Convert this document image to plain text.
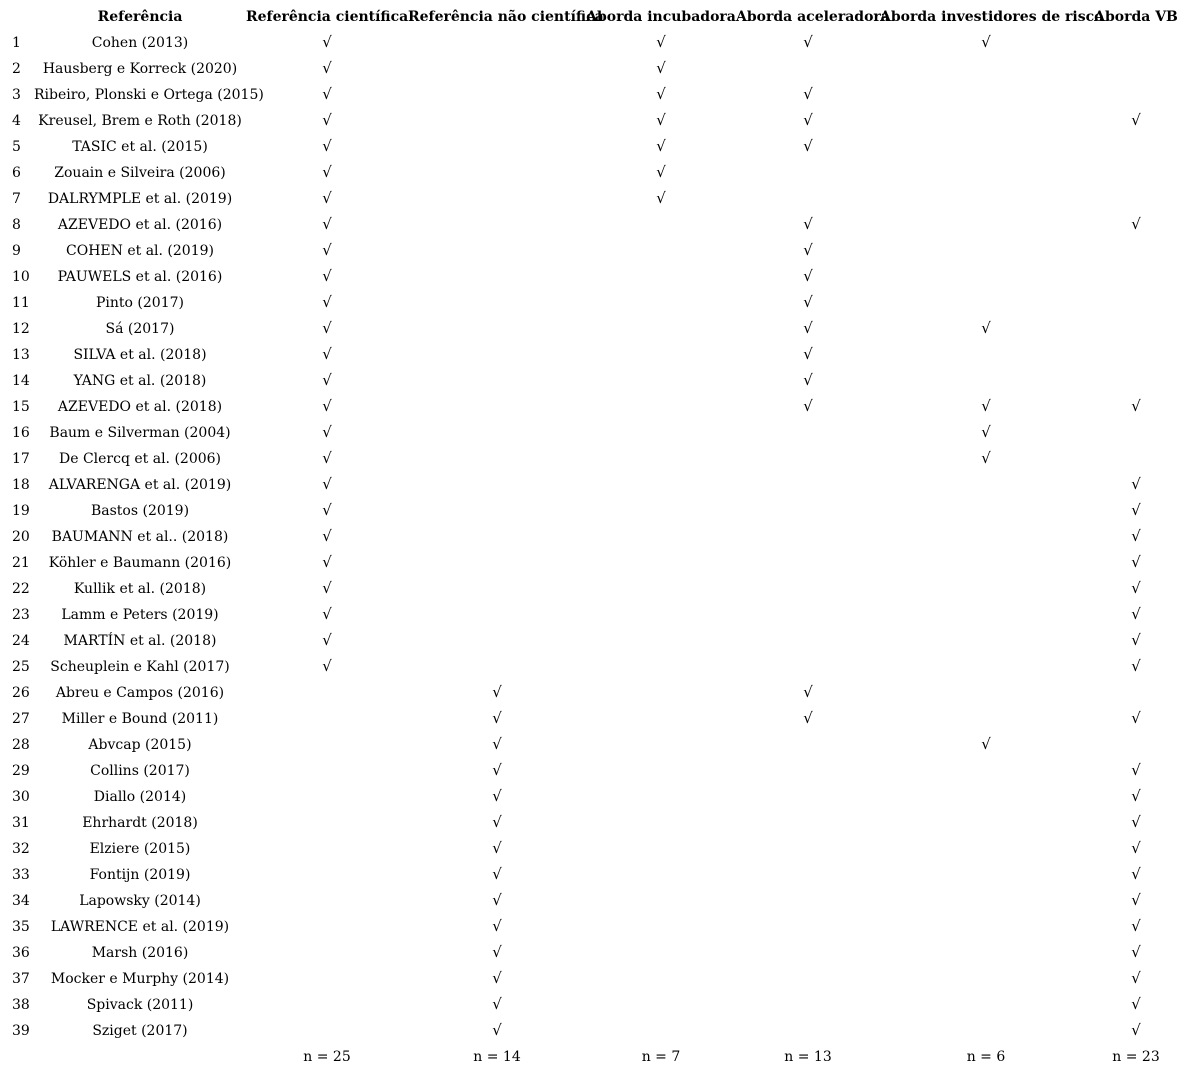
	Referência	Referência científica	Referência não científica	Aborda incubadora	Aborda aceleradora	Aborda investidores de risco	Aborda VB
1	Cohen (2013)	√		√	√	√	
2	Hausberg e Korreck (2020)	√		√			
3	Ribeiro, Plonski e Ortega (2015)	√		√	√		
4	Kreusel, Brem e Roth (2018)	√		√	√		√
5	TASIC et al. (2015)	√		√	√		
6	Zouain e Silveira (2006)	√		√			
7	DALRYMPLE et al. (2019)	√		√			
8	AZEVEDO et al. (2016)	√			√		√
9	COHEN et al. (2019)	√			√		
10	PAUWELS et al. (2016)	√			√		
11	Pinto (2017)	√			√		
12	Sá (2017)	√			√	√	
13	SILVA et al. (2018)	√			√		
14	YANG et al. (2018)	√			√		
15	AZEVEDO et al. (2018)	√			√	√	√
16	Baum e Silverman (2004)	√				√	
17	De Clercq et al. (2006)	√				√	
18	ALVARENGA et al. (2019)	√					√
19	Bastos (2019)	√					√
20	BAUMANN et al.. (2018)	√					√
21	Köhler e Baumann (2016)	√					√
22	Kullik et al. (2018)	√					√
23	Lamm e Peters (2019)	√					√
24	MARTÍN et al. (2018)	√					√
25	Scheuplein e Kahl (2017)	√					√
26	Abreu e Campos (2016)		√		√		
27	Miller e Bound (2011)		√		√		√
28	Abvcap (2015)		√			√	
29	Collins (2017)		√				√
30	Diallo (2014)		√				√
31	Ehrhardt (2018)		√				√
32	Elziere (2015)		√				√
33	Fontijn (2019)		√				√
34	Lapowsky (2014)		√				√
35	LAWRENCE et al. (2019)		√				√
36	Marsh (2016)		√				√
37	Mocker e Murphy (2014)		√				√
38	Spivack (2011)		√				√
39	Sziget (2017)		√				√
		n = 25	n = 14	n = 7	n = 13	n = 6	n = 23
